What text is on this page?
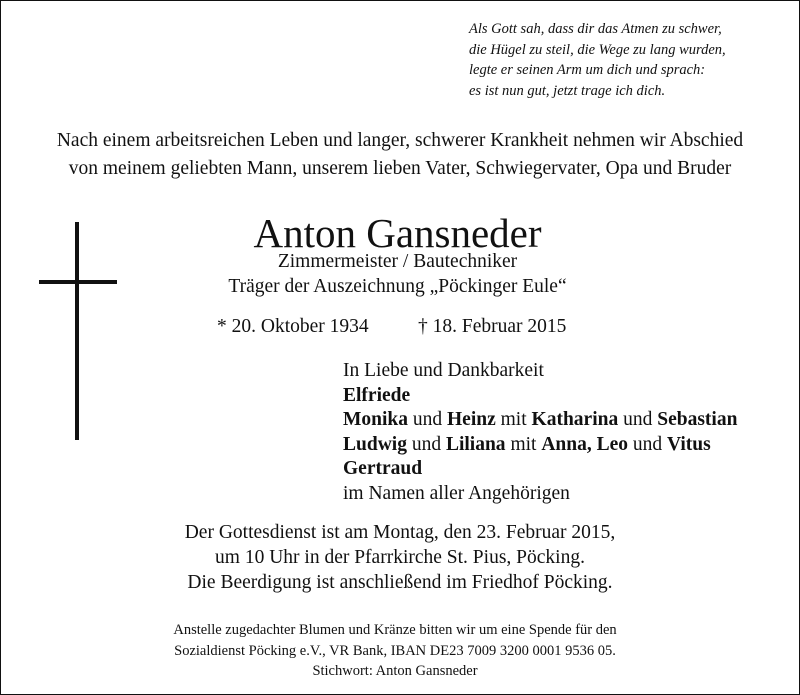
Als Gott sah, dass dir das Atmen zu schwer,
die Hügel zu steil, die Wege zu lang wurden,
legte er seinen Arm um dich und sprach:
es ist nun gut, jetzt trage ich dich.
Nach einem arbeitsreichen Leben und langer, schwerer Krankheit nehmen wir Abschied
von meinem geliebten Mann, unserem lieben Vater, Schwiegervater, Opa und Bruder
Anton Gansneder
Zimmermeister / Bautechniker
Träger der Auszeichnung „Pöckinger Eule“
* 20. Oktober 1934	† 18. Februar 2015
In Liebe und Dankbarkeit
Elfriede
Monika und Heinz mit Katharina und Sebastian
Ludwig und Liliana mit Anna, Leo und Vitus
Gertraud
im Namen aller Angehörigen
Der Gottesdienst ist am Montag, den 23. Februar 2015,
um 10 Uhr in der Pfarrkirche St. Pius, Pöcking.
Die Beerdigung ist anschließend im Friedhof Pöcking.
Anstelle zugedachter Blumen und Kränze bitten wir um eine Spende für den
Sozialdienst Pöcking e.V., VR Bank, IBAN DE23 7009 3200 0001 9536 05.
Stichwort: Anton Gansneder
